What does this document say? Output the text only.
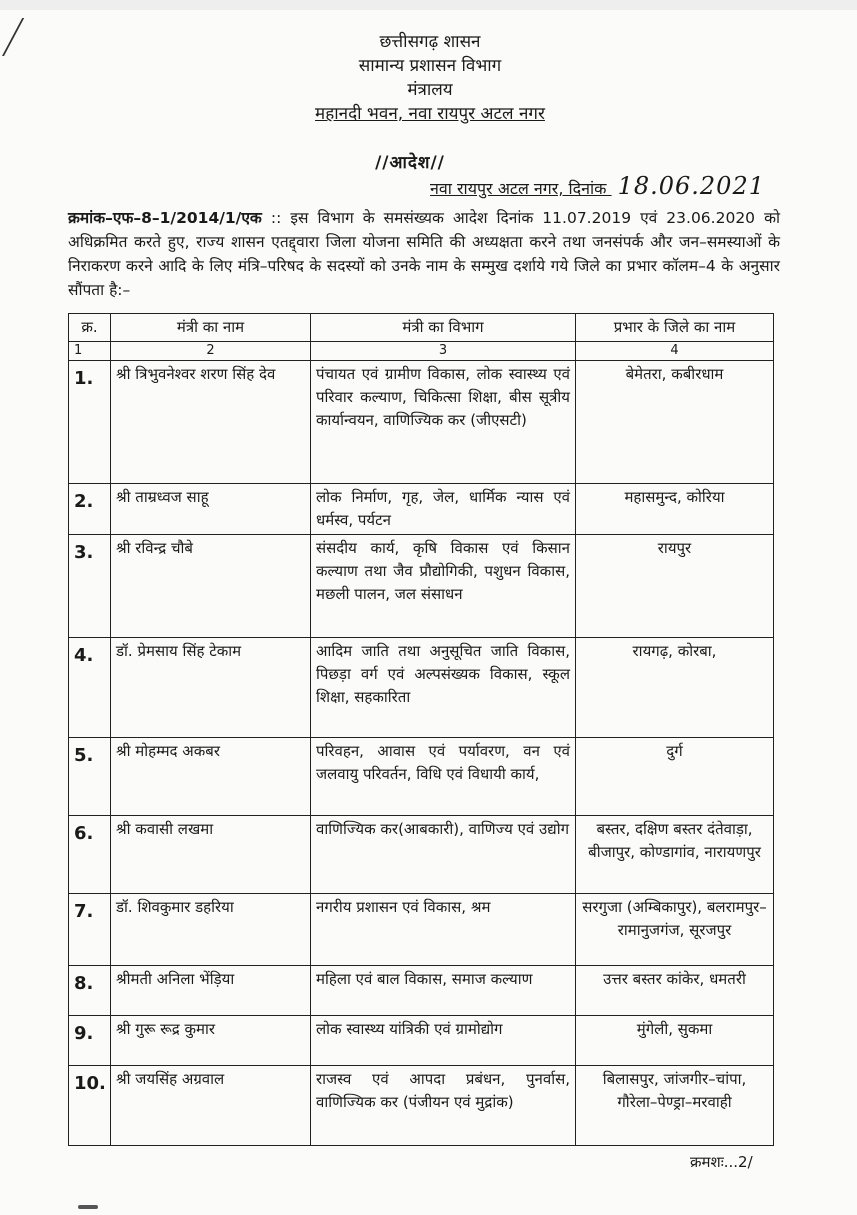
छत्तीसगढ़ शासन
सामान्य प्रशासन विभाग
मंत्रालय
महानदी भवन, नवा रायपुर अटल नगर
//आदेश//
नवा रायपुर अटल नगर, दिनांक 18.06.2021
क्रमांक–एफ–8–1/2014/1/एक :: इस विभाग के समसंख्यक आदेश दिनांक 11.07.2019 एवं 23.06.2020 को अधिक्रमित करते हुए, राज्य शासन एतद्द्वारा जिला योजना समिति की अध्यक्षता करने तथा जनसंपर्क और जन–समस्याओं के निराकरण करने आदि के लिए मंत्रि–परिषद के सदस्यों को उनके नाम के सम्मुख दर्शाये गये जिले का प्रभार कॉलम–4 के अनुसार सौंपता है:–
क्र.	मंत्री का नाम	मंत्री का विभाग	प्रभार के जिले का नाम
1	2	3	4
1.	श्री त्रिभुवनेश्वर शरण सिंह देव	पंचायत एवं ग्रामीण विकास, लोक स्वास्थ्य एवं परिवार कल्याण, चिकित्सा शिक्षा, बीस सूत्रीय कार्यान्वयन, वाणिज्यिक कर (जीएसटी)	बेमेतरा, कबीरधाम
2.	श्री ताम्रध्वज साहू	लोक निर्माण, गृह, जेल, धार्मिक न्यास एवं धर्मस्व, पर्यटन	महासमुन्द, कोरिया
3.	श्री रविन्द्र चौबे	संसदीय कार्य, कृषि विकास एवं किसान कल्याण तथा जैव प्रौद्योगिकी, पशुधन विकास, मछली पालन, जल संसाधन	रायपुर
4.	डॉ. प्रेमसाय सिंह टेकाम	आदिम जाति तथा अनुसूचित जाति विकास, पिछड़ा वर्ग एवं अल्पसंख्यक विकास, स्कूल शिक्षा, सहकारिता	रायगढ़, कोरबा,
5.	श्री मोहम्मद अकबर	परिवहन, आवास एवं पर्यावरण, वन एवं जलवायु परिवर्तन, विधि एवं विधायी कार्य,	दुर्ग
6.	श्री कवासी लखमा	वाणिज्यिक कर(आबकारी), वाणिज्य एवं उद्योग	बस्तर, दक्षिण बस्तर दंतेवाड़ा, बीजापुर, कोण्डागांव, नारायणपुर
7.	डॉ. शिवकुमार डहरिया	नगरीय प्रशासन एवं विकास, श्रम	सरगुजा (अम्बिकापुर), बलरामपुर–रामानुजगंज, सूरजपुर
8.	श्रीमती अनिला भेंड़िया	महिला एवं बाल विकास, समाज कल्याण	उत्तर बस्तर कांकेर, धमतरी
9.	श्री गुरू रूद्र कुमार	लोक स्वास्थ्य यांत्रिकी एवं ग्रामोद्योग	मुंगेली, सुकमा
10.	श्री जयसिंह अग्रवाल	राजस्व एवं आपदा प्रबंधन, पुनर्वास, वाणिज्यिक कर (पंजीयन एवं मुद्रांक)	बिलासपुर, जांजगीर–चांपा, गौरेला–पेण्ड्रा–मरवाही
क्रमशः...2/
